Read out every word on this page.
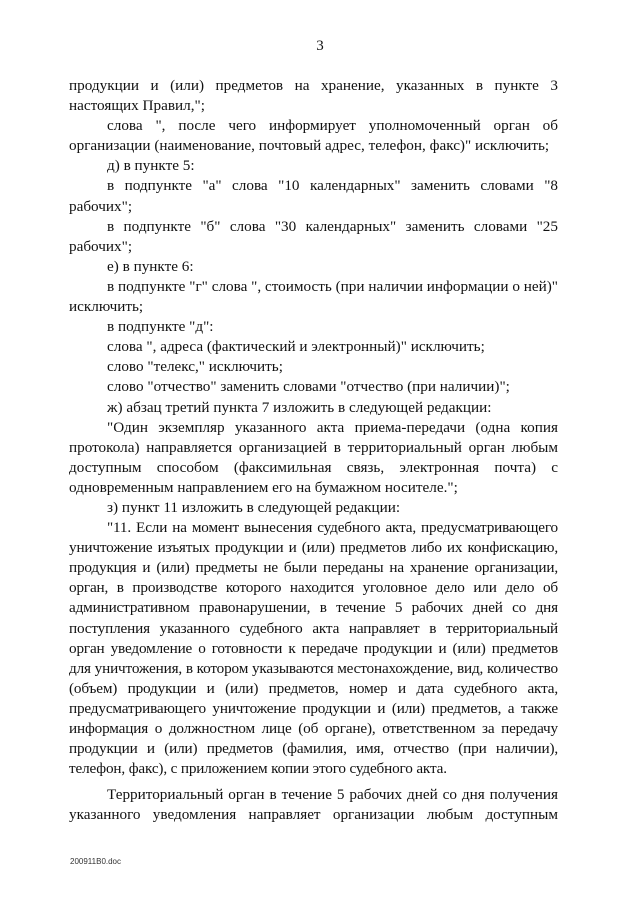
3

продукции и (или) предметов на хранение, указанных в пункте 3 настоящих Правил,";

слова ", после чего информирует уполномоченный орган об организации (наименование, почтовый адрес, телефон, факс)" исключить;

д) в пункте 5:

в подпункте "а" слова "10 календарных" заменить словами "8 рабочих";

в подпункте "б" слова "30 календарных" заменить словами "25 рабочих";

е) в пункте 6:

в подпункте "г" слова ", стоимость (при наличии информации о ней)" исключить;

в подпункте "д":

слова ", адреса (фактический и электронный)" исключить;

слово "телекс," исключить;

слово "отчество" заменить словами "отчество (при наличии)";

ж) абзац третий пункта 7 изложить в следующей редакции:

"Один экземпляр указанного акта приема-передачи (одна копия протокола) направляется организацией в территориальный орган любым доступным способом (факсимильная связь, электронная почта) с одновременным направлением его на бумажном носителе.";

з) пункт 11 изложить в следующей редакции:

"11. Если на момент вынесения судебного акта, предусматривающего уничтожение изъятых продукции и (или) предметов либо их конфискацию, продукция и (или) предметы не были переданы на хранение организации, орган, в производстве которого находится уголовное дело или дело об административном правонарушении, в течение 5 рабочих дней со дня поступления указанного судебного акта направляет в территориальный орган уведомление о готовности к передаче продукции и (или) предметов для уничтожения, в котором указываются местонахождение, вид, количество (объем) продукции и (или) предметов, номер и дата судебного акта, предусматривающего уничтожение продукции и (или) предметов, а также информация о должностном лице (об органе), ответственном за передачу продукции и (или) предметов (фамилия, имя, отчество (при наличии), телефон, факс), с приложением копии этого судебного акта.

Территориальный орган в течение 5 рабочих дней со дня получения указанного уведомления направляет организации любым доступным

200911В0.doc
